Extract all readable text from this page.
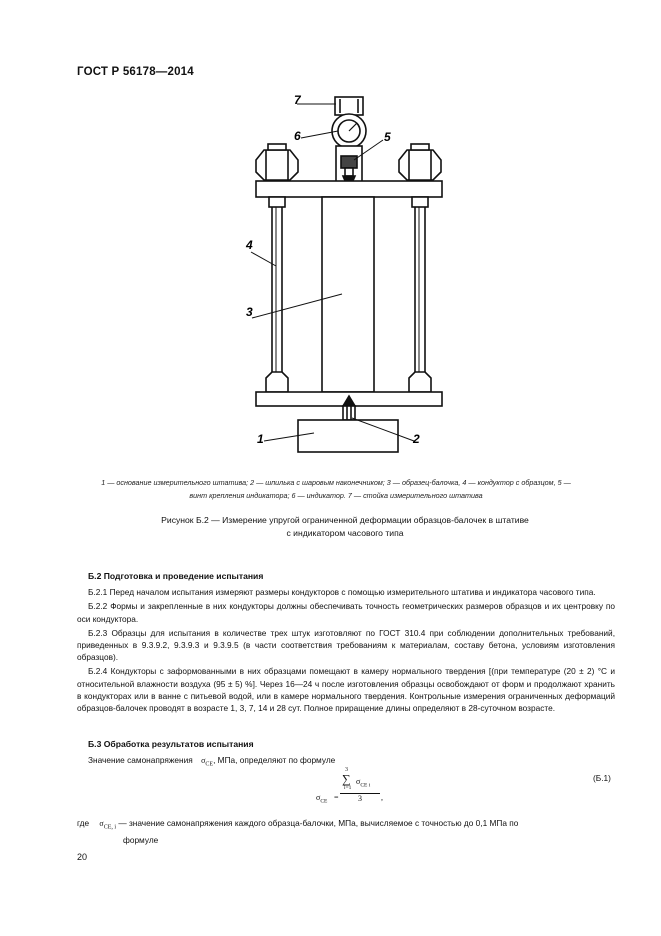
ГОСТ Р 56178—2014
7
6	5
4
3
1	2
1 — основание измерительного штатива; 2 — шпилька с шаровым наконечником; 3 — образец-балочка, 4 — кондуктор с образцом, 5 — винт крепления индикатора; 6 — индикатор. 7 — стойка измерительного штатива
Рисунок Б.2 — Измерение упругой ограниченной деформации образцов-балочек в штативе
с индикатором часового типа
Б.2 Подготовка и проведение испытания

Б.2.1 Перед началом испытания измеряют размеры кондукторов с помощью измерительного штатива и индикатора часового типа.

Б.2.2 Формы и закрепленные в них кондукторы должны обеспечивать точность геометрических размеров образцов и их центровку по оси кондуктора.

Б.2.3 Образцы для испытания в количестве трех штук изготовляют по ГОСТ 310.4 при соблюдении дополнительных требований, приведенных в 9.3.9.2, 9.3.9.3 и 9.3.9.5 (в части соответствия требованиям к материалам, составу бетона, условиям изготовления образцов).

Б.2.4 Кондукторы с заформованными в них образцами помещают в камеру нормального твердения [(при температуре (20 ± 2) °С и относительной влажности воздуха (95 ± 5) %]. Через 16—24 ч после изготовления образцы освобождают от форм и продолжают хранить в кондукторах или в ванне с питьевой водой, или в камере нормального твердения. Контрольные измерения ограниченных деформаций образцов-балочек проводят в возрасте 1, 3, 7, 14 и 28 сут. Полное приращение длины определяют в 28-суточном возрасте.

Б.3 Обработка результатов испытания
Значение самонапряжения $\sigma_{CE}$, МПа, определяют по формуле
$\sigma_{CE}$ =
3
∑
i=1
$\sigma_{CE i}$
3 ,
(Б.1)
где $\sigma_{CE, i}$ — значение самонапряжения каждого образца-балочки, МПа, вычисляемое с точностью до 0,1 МПа по
формуле
20
